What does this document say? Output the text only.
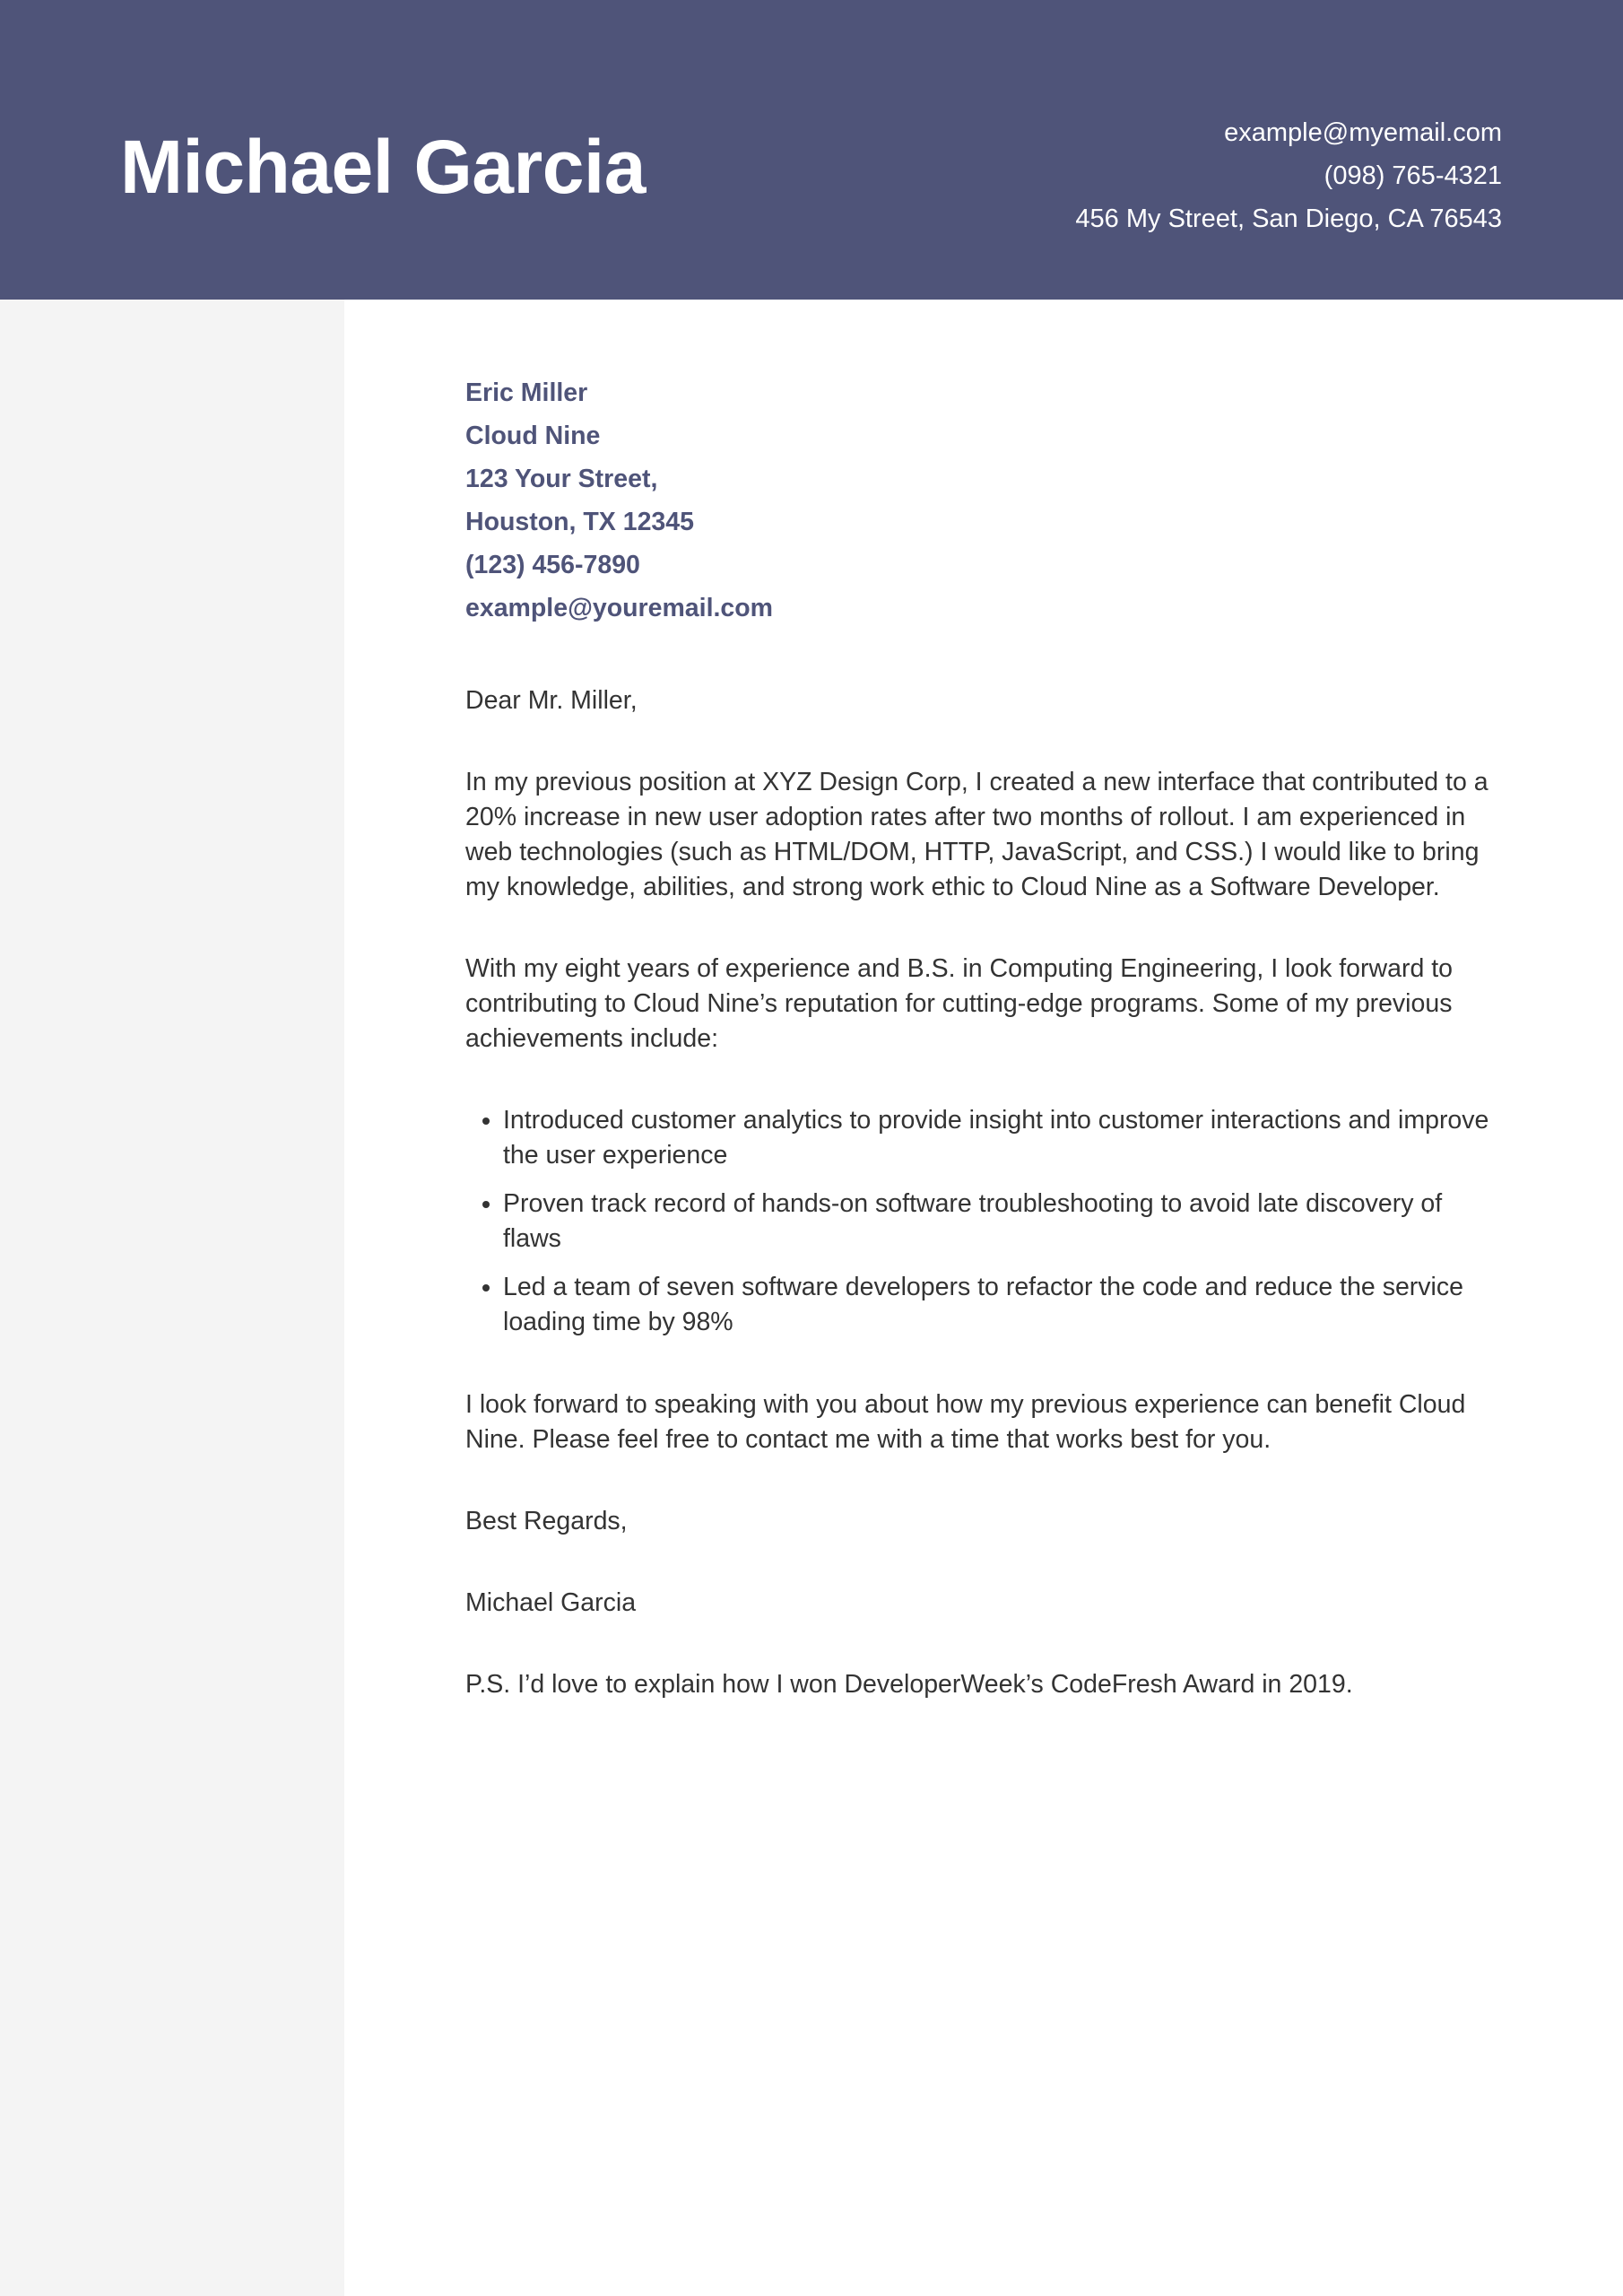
Michael Garcia	example@myemail.com
(098) 765-4321
456 My Street, San Diego, CA 76543
Eric Miller
Cloud Nine
123 Your Street,
Houston, TX 12345
(123) 456-7890
example@youremail.com

Dear Mr. Miller,

In my previous position at XYZ Design Corp, I created a new interface that contributed to a 20% increase in new user adoption rates after two months of rollout. I am experienced in web technologies (such as HTML/DOM, HTTP, JavaScript, and CSS.) I would like to bring my knowledge, abilities, and strong work ethic to Cloud Nine as a Software Developer.

With my eight years of experience and B.S. in Computing Engineering, I look forward to contributing to Cloud Nine’s reputation for cutting-edge programs. Some of my previous achievements include:

• Introduced customer analytics to provide insight into customer interactions and improve the user experience
• Proven track record of hands-on software troubleshooting to avoid late discovery of flaws
• Led a team of seven software developers to refactor the code and reduce the service loading time by 98%

I look forward to speaking with you about how my previous experience can benefit Cloud Nine. Please feel free to contact me with a time that works best for you.

Best Regards,

Michael Garcia

P.S. I’d love to explain how I won DeveloperWeek’s CodeFresh Award in 2019.
